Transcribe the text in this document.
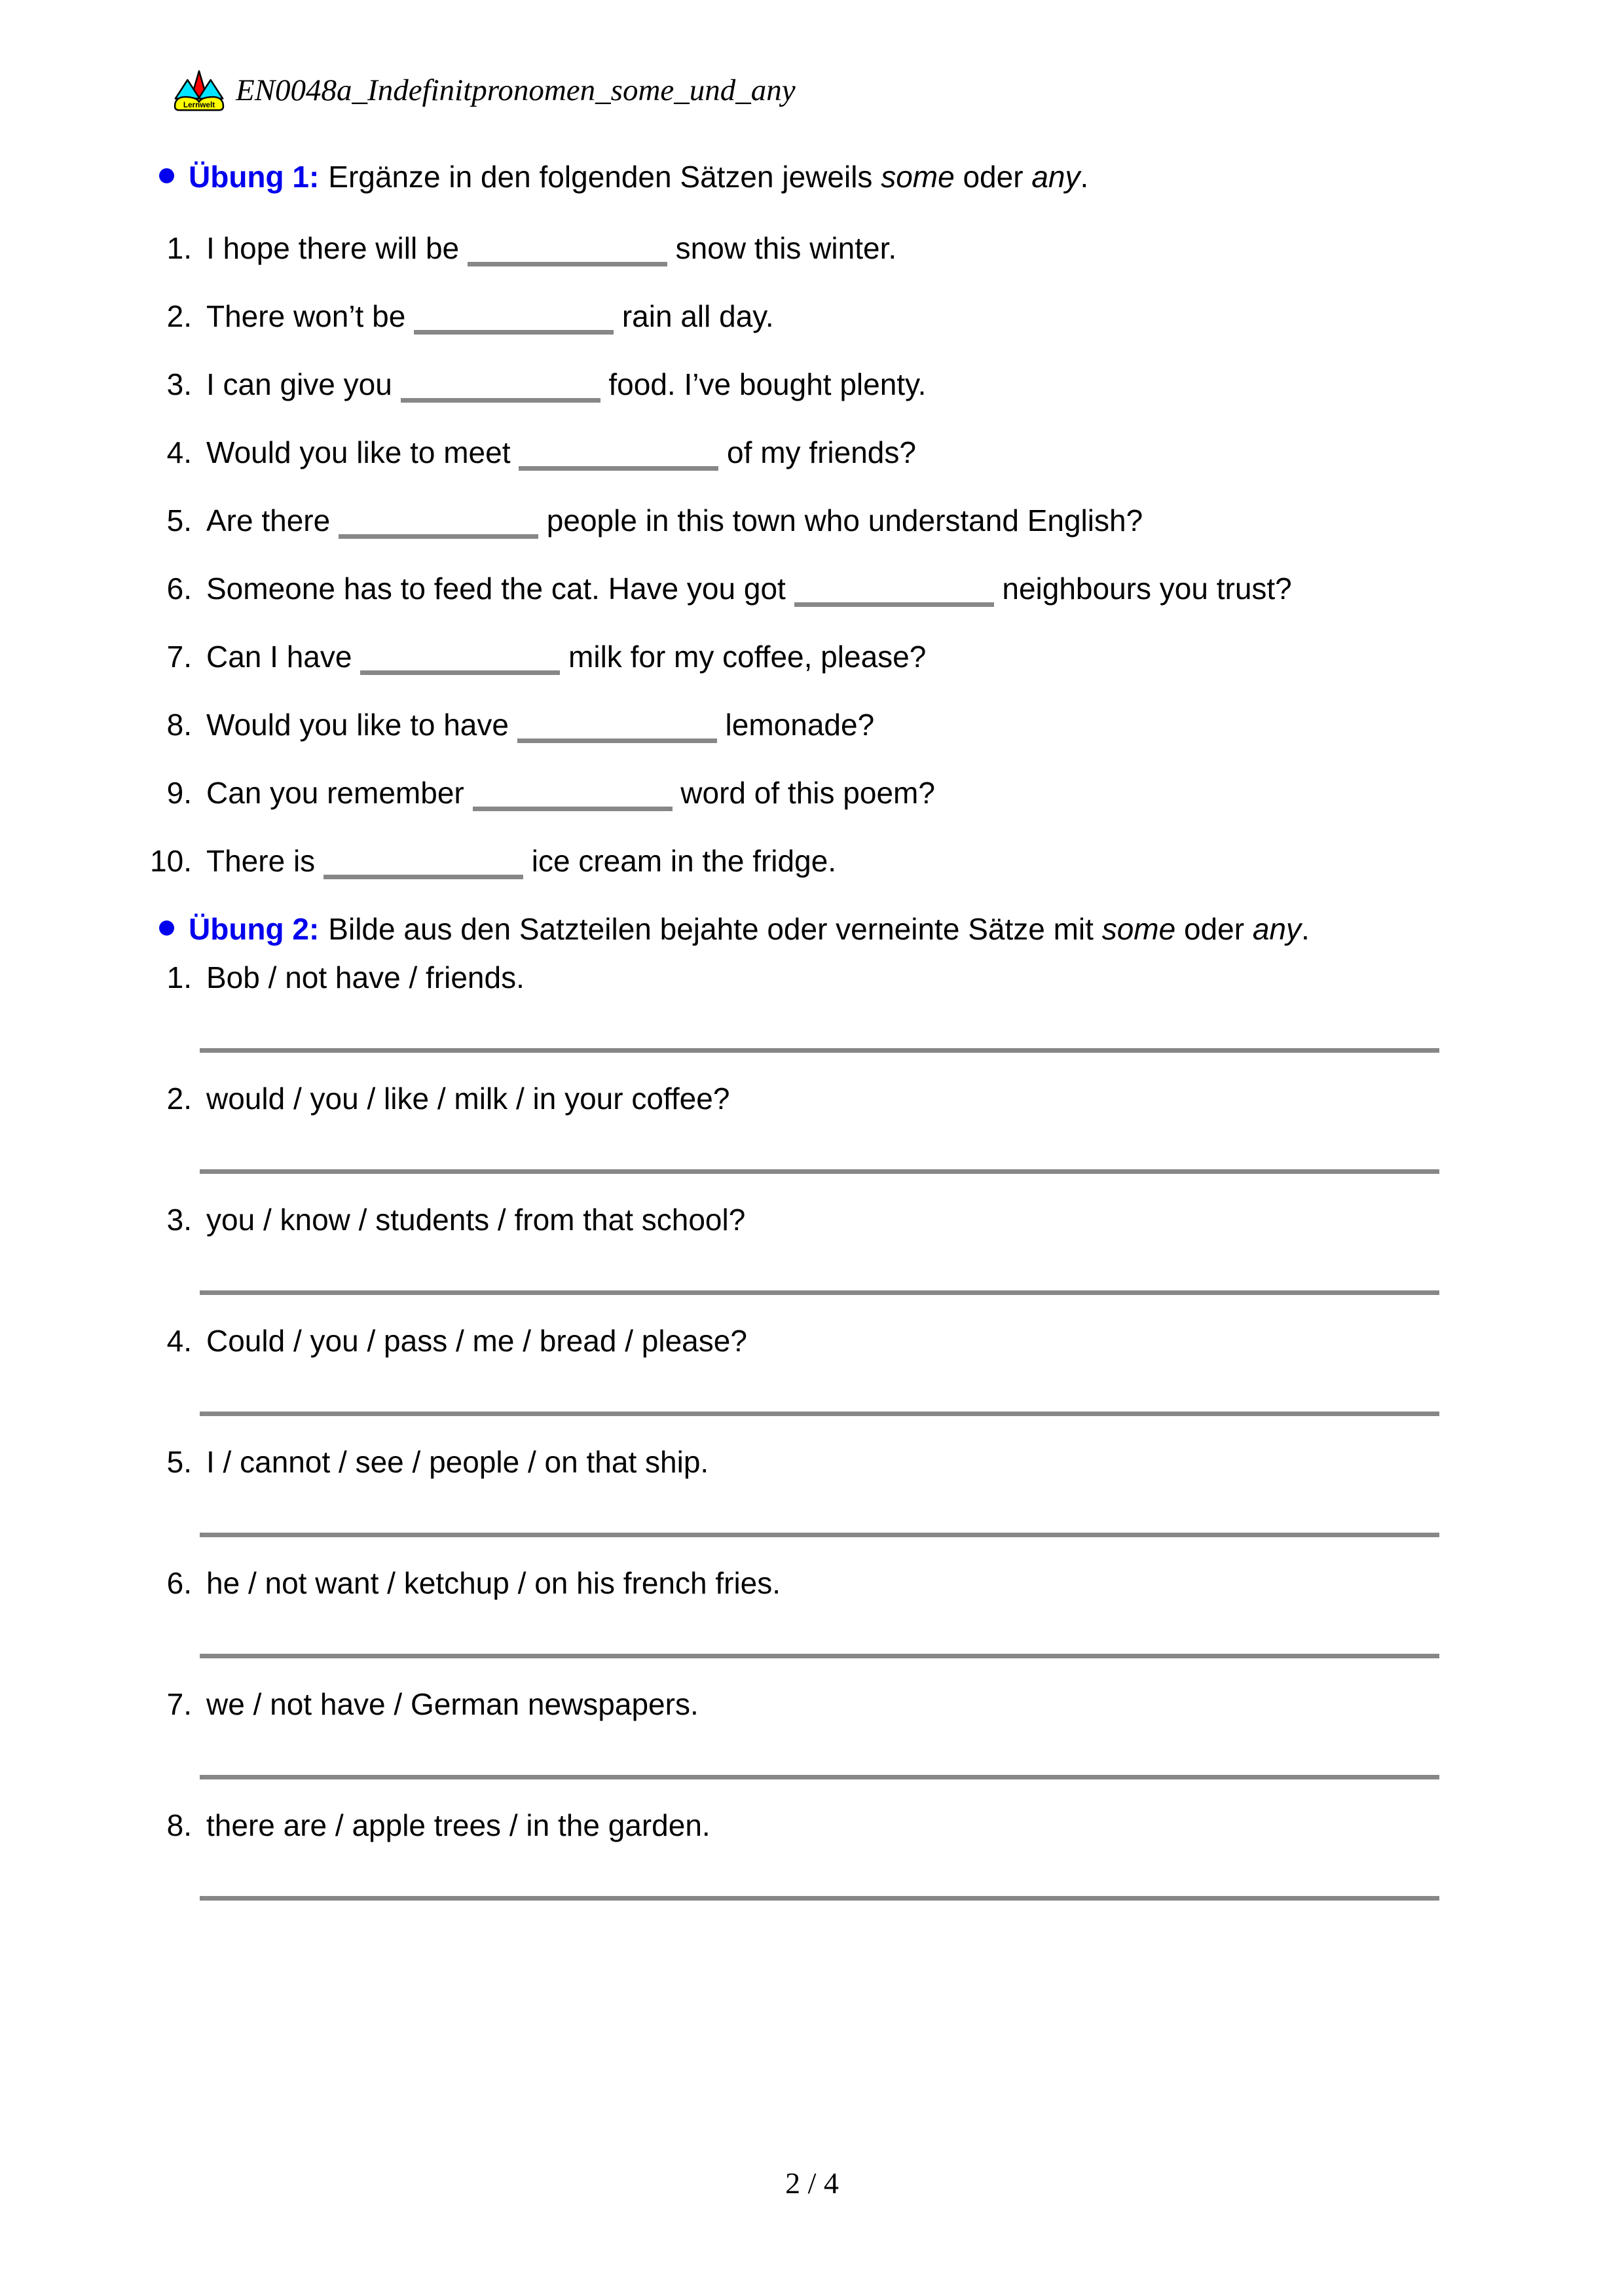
Lernwelt EN0048a_Indefinitpronomen_some_und_any
Übung 1: Ergänze in den folgenden Sätzen jeweils some oder any.
1. I hope there will be	snow this winter.
2. There won’t be	rain all day.
3. I can give you	food. I’ve bought plenty.
4. Would you like to meet	of my friends?
5. Are there	people in this town who understand English?
6. Someone has to feed the cat. Have you got	neighbours you trust?
7. Can I have	milk for my coffee, please?
8. Would you like to have	lemonade?
9. Can you remember	word of this poem?
10. There is	ice cream in the fridge.
Übung 2: Bilde aus den Satzteilen bejahte oder verneinte Sätze mit some oder any.
1. Bob / not have / friends.
2. would / you / like / milk / in your coffee?
3. you / know / students / from that school?
4. Could / you / pass / me / bread / please?
5. I / cannot / see / people / on that ship.
6. he / not want / ketchup / on his french fries.
7. we / not have / German newspapers.
8. there are / apple trees / in the garden.
2 / 4
